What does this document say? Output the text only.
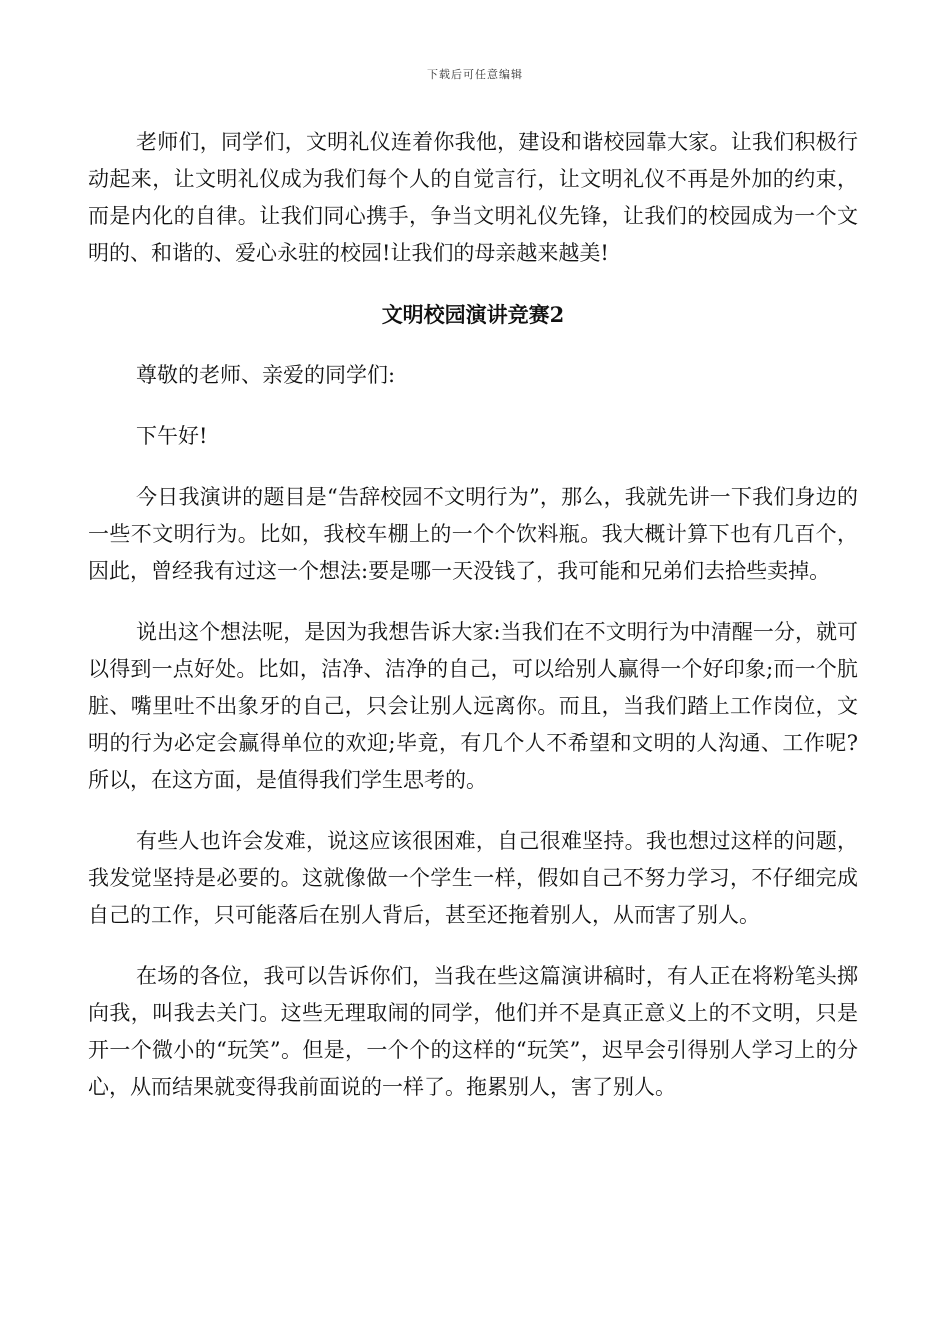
下载后可任意编辑

老师们，同学们，文明礼仪连着你我他，建设和谐校园靠大家。让我们积极行动起来，让文明礼仪成为我们每个人的自觉言行，让文明礼仪不再是外加的约束，而是内化的自律。让我们同心携手，争当文明礼仪先锋，让我们的校园成为一个文明的、和谐的、爱心永驻的校园!让我们的母亲越来越美!

文明校园演讲竞赛2

尊敬的老师、亲爱的同学们:

下午好!

今日我演讲的题目是“告辞校园不文明行为”，那么，我就先讲一下我们身边的一些不文明行为。比如，我校车棚上的一个个饮料瓶。我大概计算下也有几百个，因此，曾经我有过这一个想法:要是哪一天没钱了，我可能和兄弟们去拾些卖掉。

说出这个想法呢，是因为我想告诉大家:当我们在不文明行为中清醒一分，就可以得到一点好处。比如，洁净、洁净的自己，可以给别人赢得一个好印象;而一个肮脏、嘴里吐不出象牙的自己，只会让别人远离你。而且，当我们踏上工作岗位，文明的行为必定会赢得单位的欢迎;毕竟，有几个人不希望和文明的人沟通、工作呢?所以，在这方面，是值得我们学生思考的。

有些人也许会发难，说这应该很困难，自己很难坚持。我也想过这样的问题，我发觉坚持是必要的。这就像做一个学生一样，假如自己不努力学习，不仔细完成自己的工作，只可能落后在别人背后，甚至还拖着别人，从而害了别人。

在场的各位，我可以告诉你们，当我在些这篇演讲稿时，有人正在将粉笔头掷向我，叫我去关门。这些无理取闹的同学，他们并不是真正意义上的不文明，只是开一个微小的“玩笑”。但是，一个个的这样的“玩笑”，迟早会引得别人学习上的分心，从而结果就变得我前面说的一样了。拖累别人，害了别人。
